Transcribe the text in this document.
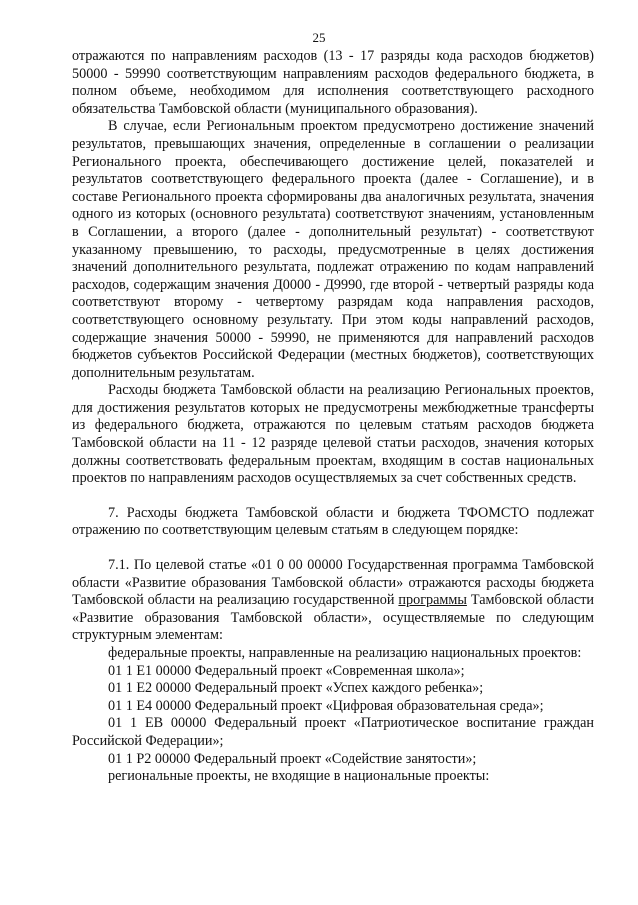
25

отражаются по направлениям расходов (13 - 17 разряды кода расходов бюджетов) 50000 - 59990 соответствующим направлениям расходов федерального бюджета, в полном объеме, необходимом для исполнения соответствующего расходного обязательства Тамбовской области (муниципального образования).

В случае, если Региональным проектом предусмотрено достижение значений результатов, превышающих значения, определенные в соглашении о реализации Регионального проекта, обеспечивающего достижение целей, показателей и результатов соответствующего федерального проекта (далее - Соглашение), и в составе Регионального проекта сформированы два аналогичных результата, значения одного из которых (основного результата) соответствуют значениям, установленным в Соглашении, а второго (далее - дополнительный результат) - соответствуют указанному превышению, то расходы, предусмотренные в целях достижения значений дополнительного результата, подлежат отражению по кодам направлений расходов, содержащим значения Д0000 - Д9990, где второй - четвертый разряды кода соответствуют второму - четвертому разрядам кода направления расходов, соответствующего основному результату. При этом коды направлений расходов, содержащие значения 50000 - 59990, не применяются для направлений расходов бюджетов субъектов Российской Федерации (местных бюджетов), соответствующих дополнительным результатам.

Расходы бюджета Тамбовской области на реализацию Региональных проектов, для достижения результатов которых не предусмотрены межбюджетные трансферты из федерального бюджета, отражаются по целевым статьям расходов бюджета Тамбовской области на 11 - 12 разряде целевой статьи расходов, значения которых должны соответствовать федеральным проектам, входящим в состав национальных проектов по направлениям расходов осуществляемых за счет собственных средств.

7. Расходы бюджета Тамбовской области и бюджета ТФОМСТО подлежат отражению по соответствующим целевым статьям в следующем порядке:

7.1. По целевой статье «01 0 00 00000 Государственная программа Тамбовской области «Развитие образования Тамбовской области» отражаются расходы бюджета Тамбовской области на реализацию государственной программы Тамбовской области «Развитие образования Тамбовской области», осуществляемые по следующим структурным элементам:

федеральные проекты, направленные на реализацию национальных проектов:

01 1 E1 00000 Федеральный проект «Современная школа»;

01 1 E2 00000 Федеральный проект «Успех каждого ребенка»;

01 1 E4 00000 Федеральный проект «Цифровая образовательная среда»;

01 1 EB 00000 Федеральный проект «Патриотическое воспитание граждан Российской Федерации»;

01 1 P2 00000 Федеральный проект «Содействие занятости»;

региональные проекты, не входящие в национальные проекты:
